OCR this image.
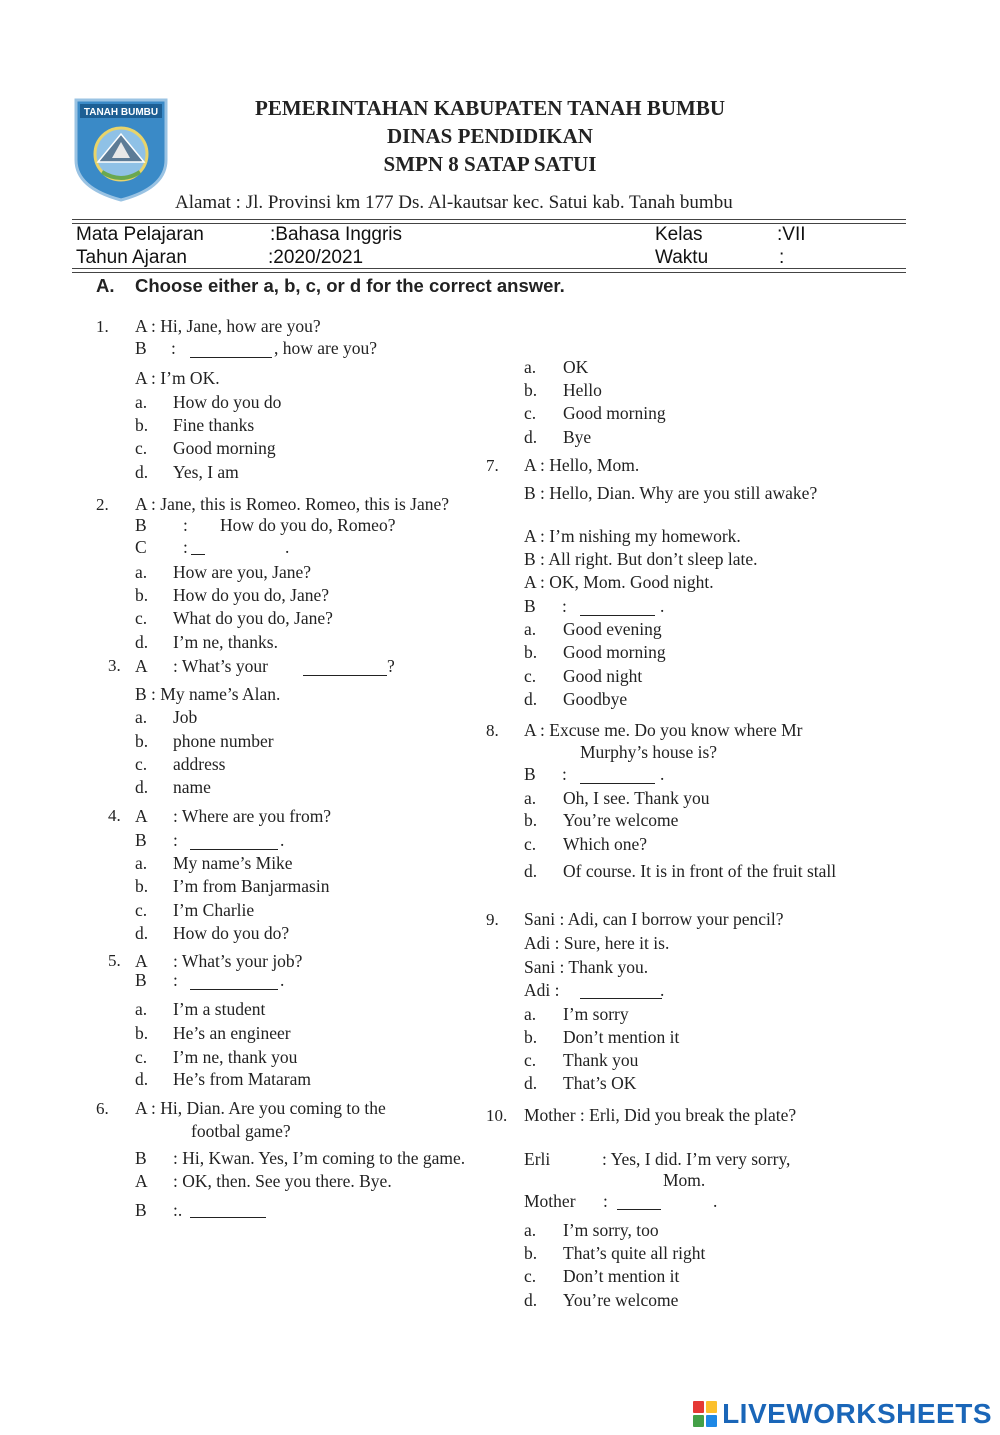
TANAH BUMBU	PEMERINTAHAN KABUPATEN TANAH BUMBU
DINAS PENDIDIKAN
SMPN 8 SATAP SATUI
Alamat : Jl. Provinsi km 177 Ds. Al-kautsar kec. Satui kab. Tanah bumbu
Mata Pelajaran	:Bahasa Inggris	Kelas	:VII
Tahun Ajaran	:2020/2021	Waktu	:
A. Choose either a, b, c, or d for the correct answer.
1. A : Hi, Jane, how are you?
B :	, how are you?
A : I’m OK.
a. How do you do
b. Fine thanks
c. Good morning
d. Yes, I am
2. A : Jane, this is Romeo. Romeo, this is Jane?
B : How do you do, Romeo?
C :	.
a. How are you, Jane?
b. How do you do, Jane?
c. What do you do, Jane?
d. I’m ne, thanks.
3. A : What’s your	?
B : My name’s Alan.
a. Job
b. phone number
c. address
d. name
4. A : Where are you from?
B :	.
a. My name’s Mike
b. I’m from Banjarmasin
c. I’m Charlie
d. How do you do?
5. A : What’s your job?
B :	.
a. I’m a student
b. He’s an engineer
c. I’m ne, thank you
d. He’s from Mataram
6. A : Hi, Dian. Are you coming to the
footbal game?
B : Hi, Kwan. Yes, I’m coming to the game.
A : OK, then. See you there. Bye.
B :.
a. OK
b. Hello
c. Good morning
d. Bye
7. A : Hello, Mom.
B : Hello, Dian. Why are you still awake?
A : I’m nishing my homework.
B : All right. But don’t sleep late.
A : OK, Mom. Good night.
B :	.
a. Good evening
b. Good morning
c. Good night
d. Goodbye
8. A : Excuse me. Do you know where Mr
Murphy’s house is?
B :	.
a. Oh, I see. Thank you
b. You’re welcome
c. Which one?
d. Of course. It is in front of the fruit stall
9. Sani : Adi, can I borrow your pencil?
Adi : Sure, here it is.
Sani : Thank you.
Adi :	.
a. I’m sorry
b. Don’t mention it
c. Thank you
d. That’s OK
10. Mother : Erli, Did you break the plate?
Erli	: Yes, I did. I’m very sorry,
Mom.
Mother :	.
a. I’m sorry, too
b. That’s quite all right
c. Don’t mention it
d. You’re welcome
LIVEWORKSHEETS
